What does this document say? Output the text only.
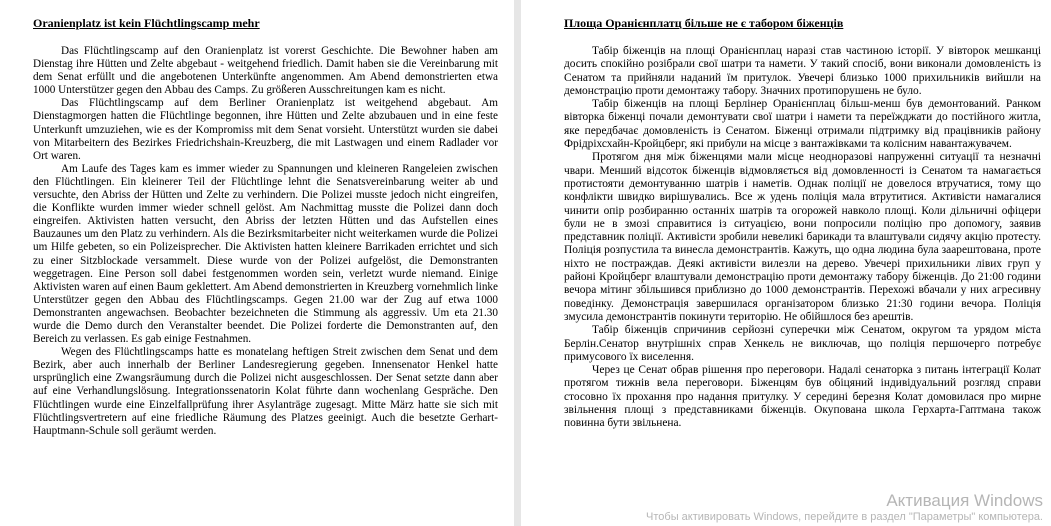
Oranienplatz ist kein Flüchtlingscamp mehr

Das Flüchtlingscamp auf den Oranienplatz ist vorerst Geschichte. Die Bewohner haben am Dienstag ihre Hütten und Zelte abgebaut - weitgehend friedlich. Damit haben sie die Vereinbarung mit dem Senat erfüllt und die angebotenen Unterkünfte angenommen. Am Abend demonstrierten etwa 1000 Unterstützer gegen den Abbau des Camps. Zu größeren Ausschreitungen kam es nicht.

Das Flüchtlingscamp auf dem Berliner Oranienplatz ist weitgehend abgebaut. Am Dienstagmorgen hatten die Flüchtlinge begonnen, ihre Hütten und Zelte abzubauen und in eine feste Unterkunft umzuziehen, wie es der Kompromiss mit dem Senat vorsieht. Unterstützt wurden sie dabei von Mitarbeitern des Bezirkes Friedrichshain-Kreuzberg, die mit Lastwagen und einem Radlader vor Ort waren.

Am Laufe des Tages kam es immer wieder zu Spannungen und kleineren Rangeleien zwischen den Flüchtlingen. Ein kleinerer Teil der Flüchtlinge lehnt die Senatsvereinbarung weiter ab und versuchte, den Abriss der Hütten und Zelte zu verhindern. Die Polizei musste jedoch nicht eingreifen, die Konflikte wurden immer wieder schnell gelöst. Am Nachmittag musste die Polizei dann doch eingreifen. Aktivisten hatten versucht, den Abriss der letzten Hütten und das Aufstellen eines Bauzaunes um den Platz zu verhindern. Als die Bezirksmitarbeiter nicht weiterkamen wurde die Polizei um Hilfe gebeten, so ein Polizeisprecher. Die Aktivisten hatten kleinere Barrikaden errichtet und sich zu einer Sitzblockade versammelt. Diese wurde von der Polizei aufgelöst, die Demonstranten weggetragen. Eine Person soll dabei festgenommen worden sein, verletzt wurde niemand. Einige Aktivisten waren auf einen Baum geklettert. Am Abend demonstrierten in Kreuzberg vornehmlich linke Unterstützer gegen den Abbau des Flüchtlingscamps. Gegen 21.00 war der Zug auf etwa 1000 Demonstranten angewachsen. Beobachter bezeichneten die Stimmung als aggressiv. Um eta 21.30 wurde die Demo durch den Veranstalter beendet. Die Polizei forderte die Demonstranten auf, den Bereich zu verlassen. Es gab einige Festnahmen.

Wegen des Flüchtlingscamps hatte es monatelang heftigen Streit zwischen dem Senat und dem Bezirk, aber auch innerhalb der Berliner Landesregierung gegeben. Innensenator Henkel hatte ursprünglich eine Zwangsräumung durch die Polizei nicht ausgeschlossen. Der Senat setzte dann aber auf eine Verhandlungslösung. Integrationssenatorin Kolat führte dann wochenlang Gespräche. Den Flüchtlingen wurde eine Einzelfallprüfung ihrer Asylanträge zugesagt. Mitte März hatte sie sich mit Flüchtlingsvertretern auf eine friedliche Räumung des Platzes geeinigt. Auch die besetzte Gerhart-Hauptmann-Schule soll geräumt werden.

Площа Оранієнплатц більше не є табором біженців

Табір біженців на площі Оранієнплац наразі став частиною історії. У вівторок мешканці досить спокійно розібрали свої шатри та намети. У такий спосіб, вони виконали домовленість із Сенатом та прийняли наданий їм притулок. Увечері близько 1000 прихильників вийшли на демонстрацію проти демонтажу табору. Значних протипорушень не було.

Табір біженців на площі Берлінер Оранієнплац більш-менш був демонтований. Ранком вівторка біженці почали демонтувати свої шатри і намети та переїжджати до постійного житла, яке передбачає домовленість із Сенатом. Біженці отримали підтримку від працівників району Фрідріхсхайн-Кройцберг, які прибули на місце з вантажівками та колісним навантажувачем.

Протягом дня між біженцями мали місце неодноразові напруженні ситуації та незначні чвари. Менший відсоток біженців відмовляється від домовленності із Сенатом та намагається протистояти демонтуванню шатрів і наметів. Однак поліції не довелося втручатися, тому що конфлікти швидко вирішувались. Все ж удень поліція мала втрутитися. Активісти намагалися чинити опір розбиранню останніх шатрів та огорожей навколо площі. Коли дільничні офіцери були не в змозі справитися із ситуацією, вони попросили поліцію про допомогу, заявив представник поліції. Активісти зробили невеликі барикади та влаштували сидячу акцію протесту. Поліція розпустила та винесла демонстрантів. Кажуть, що одна людина була заарештована, проте ніхто не постраждав. Деякі активісти вилезли на дерево. Увечері прихильники лівих груп у районі Кройцберг влаштували демонстрацію проти демонтажу табору біженців. До 21:00 години вечора мітинг збільшився приблизно до 1000 демонстрантів. Перехожі вбачали у них агресивну поведінку. Демонстрація завершилася організатором близько 21:30 години вечора. Поліція змусила демонстрантів покинути територію. Не обійшлося без арештів.

Табір біженців спричинив серйозні суперечки між Сенатом, округом та урядом міста Берлін.Сенатор внутрішніх справ Хенкель не виключав, що поліція першочерго потребує примусового їх виселення.

Через це Сенат обрав рішення про переговори. Надалі сенаторка з питань інтеграції Колат протягом тижнів вела переговори. Біженцям був обіцяний індивідуальний розгляд справи стосовно їх прохання про надання притулку. У середині березня Колат домовилася про мирне звільнення площі з представниками біженців. Окупована школа Герхарта-Гаптмана також повинна бути звільнена.

Активация Windows
Чтобы активировать Windows, перейдите в раздел "Параметры" компьютера.
